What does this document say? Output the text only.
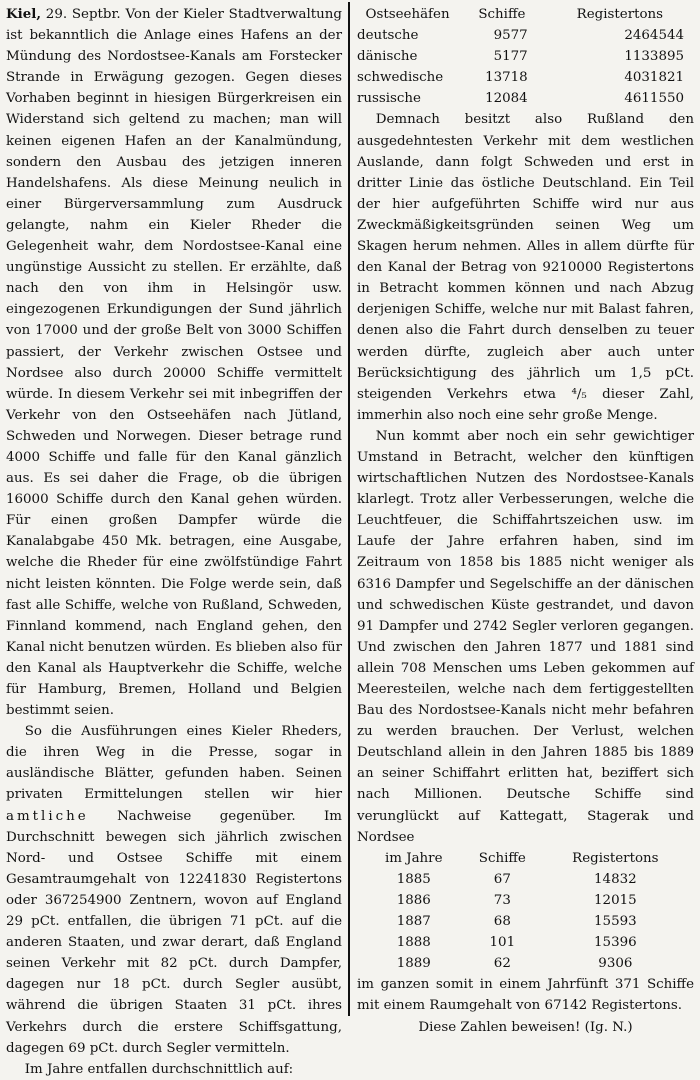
Kiel, 29. Septbr. Von der Kieler Stadtverwaltung ist bekanntlich die Anlage eines Hafens an der Mündung des Nordostsee-Kanals am Forstecker Strande in Erwägung gezogen. Gegen dieses Vorhaben beginnt in hiesigen Bürgerkreisen ein Widerstand sich geltend zu machen; man will keinen eigenen Hafen an der Kanalmündung, sondern den Ausbau des jetzigen inneren Handelshafens. Als diese Meinung neulich in einer Bürgerversammlung zum Ausdruck gelangte, nahm ein Kieler Rheder die Gelegenheit wahr, dem Nordostsee-Kanal eine ungünstige Aussicht zu stellen. Er erzählte, daß nach den von ihm in Helsingör usw. eingezogenen Erkundigungen der Sund jährlich von 17000 und der große Belt von 3000 Schiffen passiert, der Verkehr zwischen Ostsee und Nordsee also durch 20000 Schiffe vermittelt würde. In diesem Verkehr sei mit inbegriffen der Verkehr von den Ostseehäfen nach Jütland, Schweden und Norwegen. Dieser betrage rund 4000 Schiffe und falle für den Kanal gänzlich aus. Es sei daher die Frage, ob die übrigen 16000 Schiffe durch den Kanal gehen würden. Für einen großen Dampfer würde die Kanalabgabe 450 Mk. betragen, eine Ausgabe, welche die Rheder für eine zwölfstündige Fahrt nicht leisten könnten. Die Folge werde sein, daß fast alle Schiffe, welche von Rußland, Schweden, Finnland kommend, nach England gehen, den Kanal nicht benutzen würden. Es blieben also für den Kanal als Hauptverkehr die Schiffe, welche für Hamburg, Bremen, Holland und Belgien bestimmt seien.

So die Ausführungen eines Kieler Rheders, die ihren Weg in die Presse, sogar in ausländische Blätter, gefunden haben. Seinen privaten Ermittelungen stellen wir hier amtliche Nachweise gegenüber. Im Durchschnitt bewegen sich jährlich zwischen Nord- und Ostsee Schiffe mit einem Gesamtraumgehalt von 12241830 Registertons oder 367254900 Zentnern, wovon auf England 29 pCt. entfallen, die übrigen 71 pCt. auf die anderen Staaten, und zwar derart, daß England seinen Verkehr mit 82 pCt. durch Dampfer, dagegen nur 18 pCt. durch Segler ausübt, während die übrigen Staaten 31 pCt. ihres Verkehrs durch die erstere Schiffsgattung, dagegen 69 pCt. durch Segler vermitteln.

Im Jahre entfallen durchschnittlich auf:

Ostseehäfen	Schiffe	Registertons
deutsche	9577	2464544
dänische	5177	1133895
schwedische	13718	4031821
russische	12084	4611550

Demnach besitzt also Rußland den ausgedehntesten Verkehr mit dem westlichen Auslande, dann folgt Schweden und erst in dritter Linie das östliche Deutschland. Ein Teil der hier aufgeführten Schiffe wird nur aus Zweckmäßigkeitsgründen seinen Weg um Skagen herum nehmen. Alles in allem dürfte für den Kanal der Betrag von 9210000 Registertons in Betracht kommen können und nach Abzug derjenigen Schiffe, welche nur mit Balast fahren, denen also die Fahrt durch denselben zu teuer werden dürfte, zugleich aber auch unter Berücksichtigung des jährlich um 1,5 pCt. steigenden Verkehrs etwa ⁴/₅ dieser Zahl, immerhin also noch eine sehr große Menge.

Nun kommt aber noch ein sehr gewichtiger Umstand in Betracht, welcher den künftigen wirtschaftlichen Nutzen des Nordostsee-Kanals klarlegt. Trotz aller Verbesserungen, welche die Leuchtfeuer, die Schiffahrtszeichen usw. im Laufe der Jahre erfahren haben, sind im Zeitraum von 1858 bis 1885 nicht weniger als 6316 Dampfer und Segelschiffe an der dänischen und schwedischen Küste gestrandet, und davon 91 Dampfer und 2742 Segler verloren gegangen. Und zwischen den Jahren 1877 und 1881 sind allein 708 Menschen ums Leben gekommen auf Meeresteilen, welche nach dem fertiggestellten Bau des Nordostsee-Kanals nicht mehr befahren zu werden brauchen. Der Verlust, welchen Deutschland allein in den Jahren 1885 bis 1889 an seiner Schiffahrt erlitten hat, beziffert sich nach Millionen. Deutsche Schiffe sind verunglückt auf Kattegatt, Stagerak und Nordsee

im Jahre	Schiffe	Registertons
1885	67	14832
1886	73	12015
1887	68	15593
1888	101	15396
1889	62	9306

im ganzen somit in einem Jahrfünft 371 Schiffe mit einem Raumgehalt von 67142 Registertons.

Diese Zahlen beweisen! (Ig. N.)
